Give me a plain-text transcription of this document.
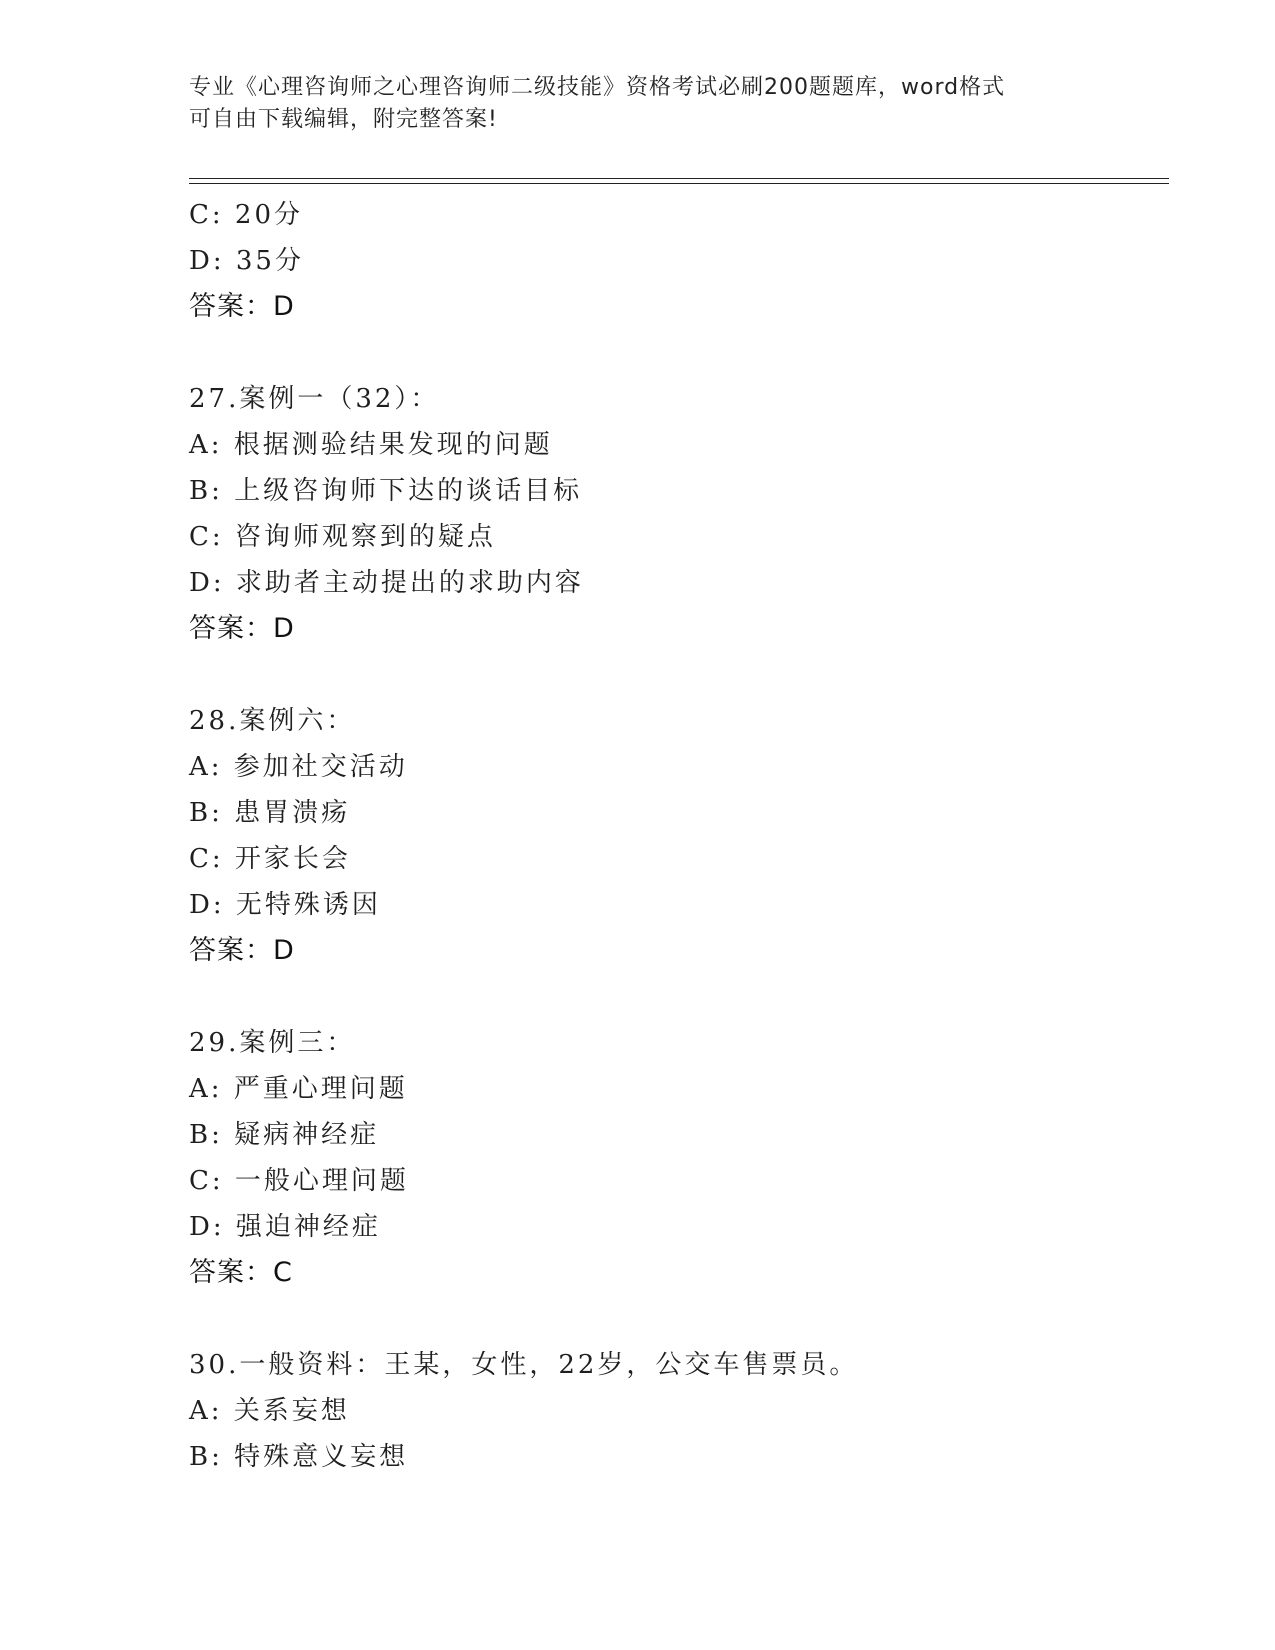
专业《心理咨询师之心理咨询师二级技能》资格考试必刷200题题库，word格式
可自由下载编辑，附完整答案!
C: 20分
D: 35分
答案：D
27.案例一（32）：
A: 根据测验结果发现的问题
B: 上级咨询师下达的谈话目标
C: 咨询师观察到的疑点
D: 求助者主动提出的求助内容
答案：D
28.案例六：
A: 参加社交活动
B: 患胃溃疡
C: 开家长会
D: 无特殊诱因
答案：D
29.案例三：
A: 严重心理问题
B: 疑病神经症
C: 一般心理问题
D: 强迫神经症
答案：C
30.一般资料：王某，女性，22岁，公交车售票员。
A: 关系妄想
B: 特殊意义妄想
